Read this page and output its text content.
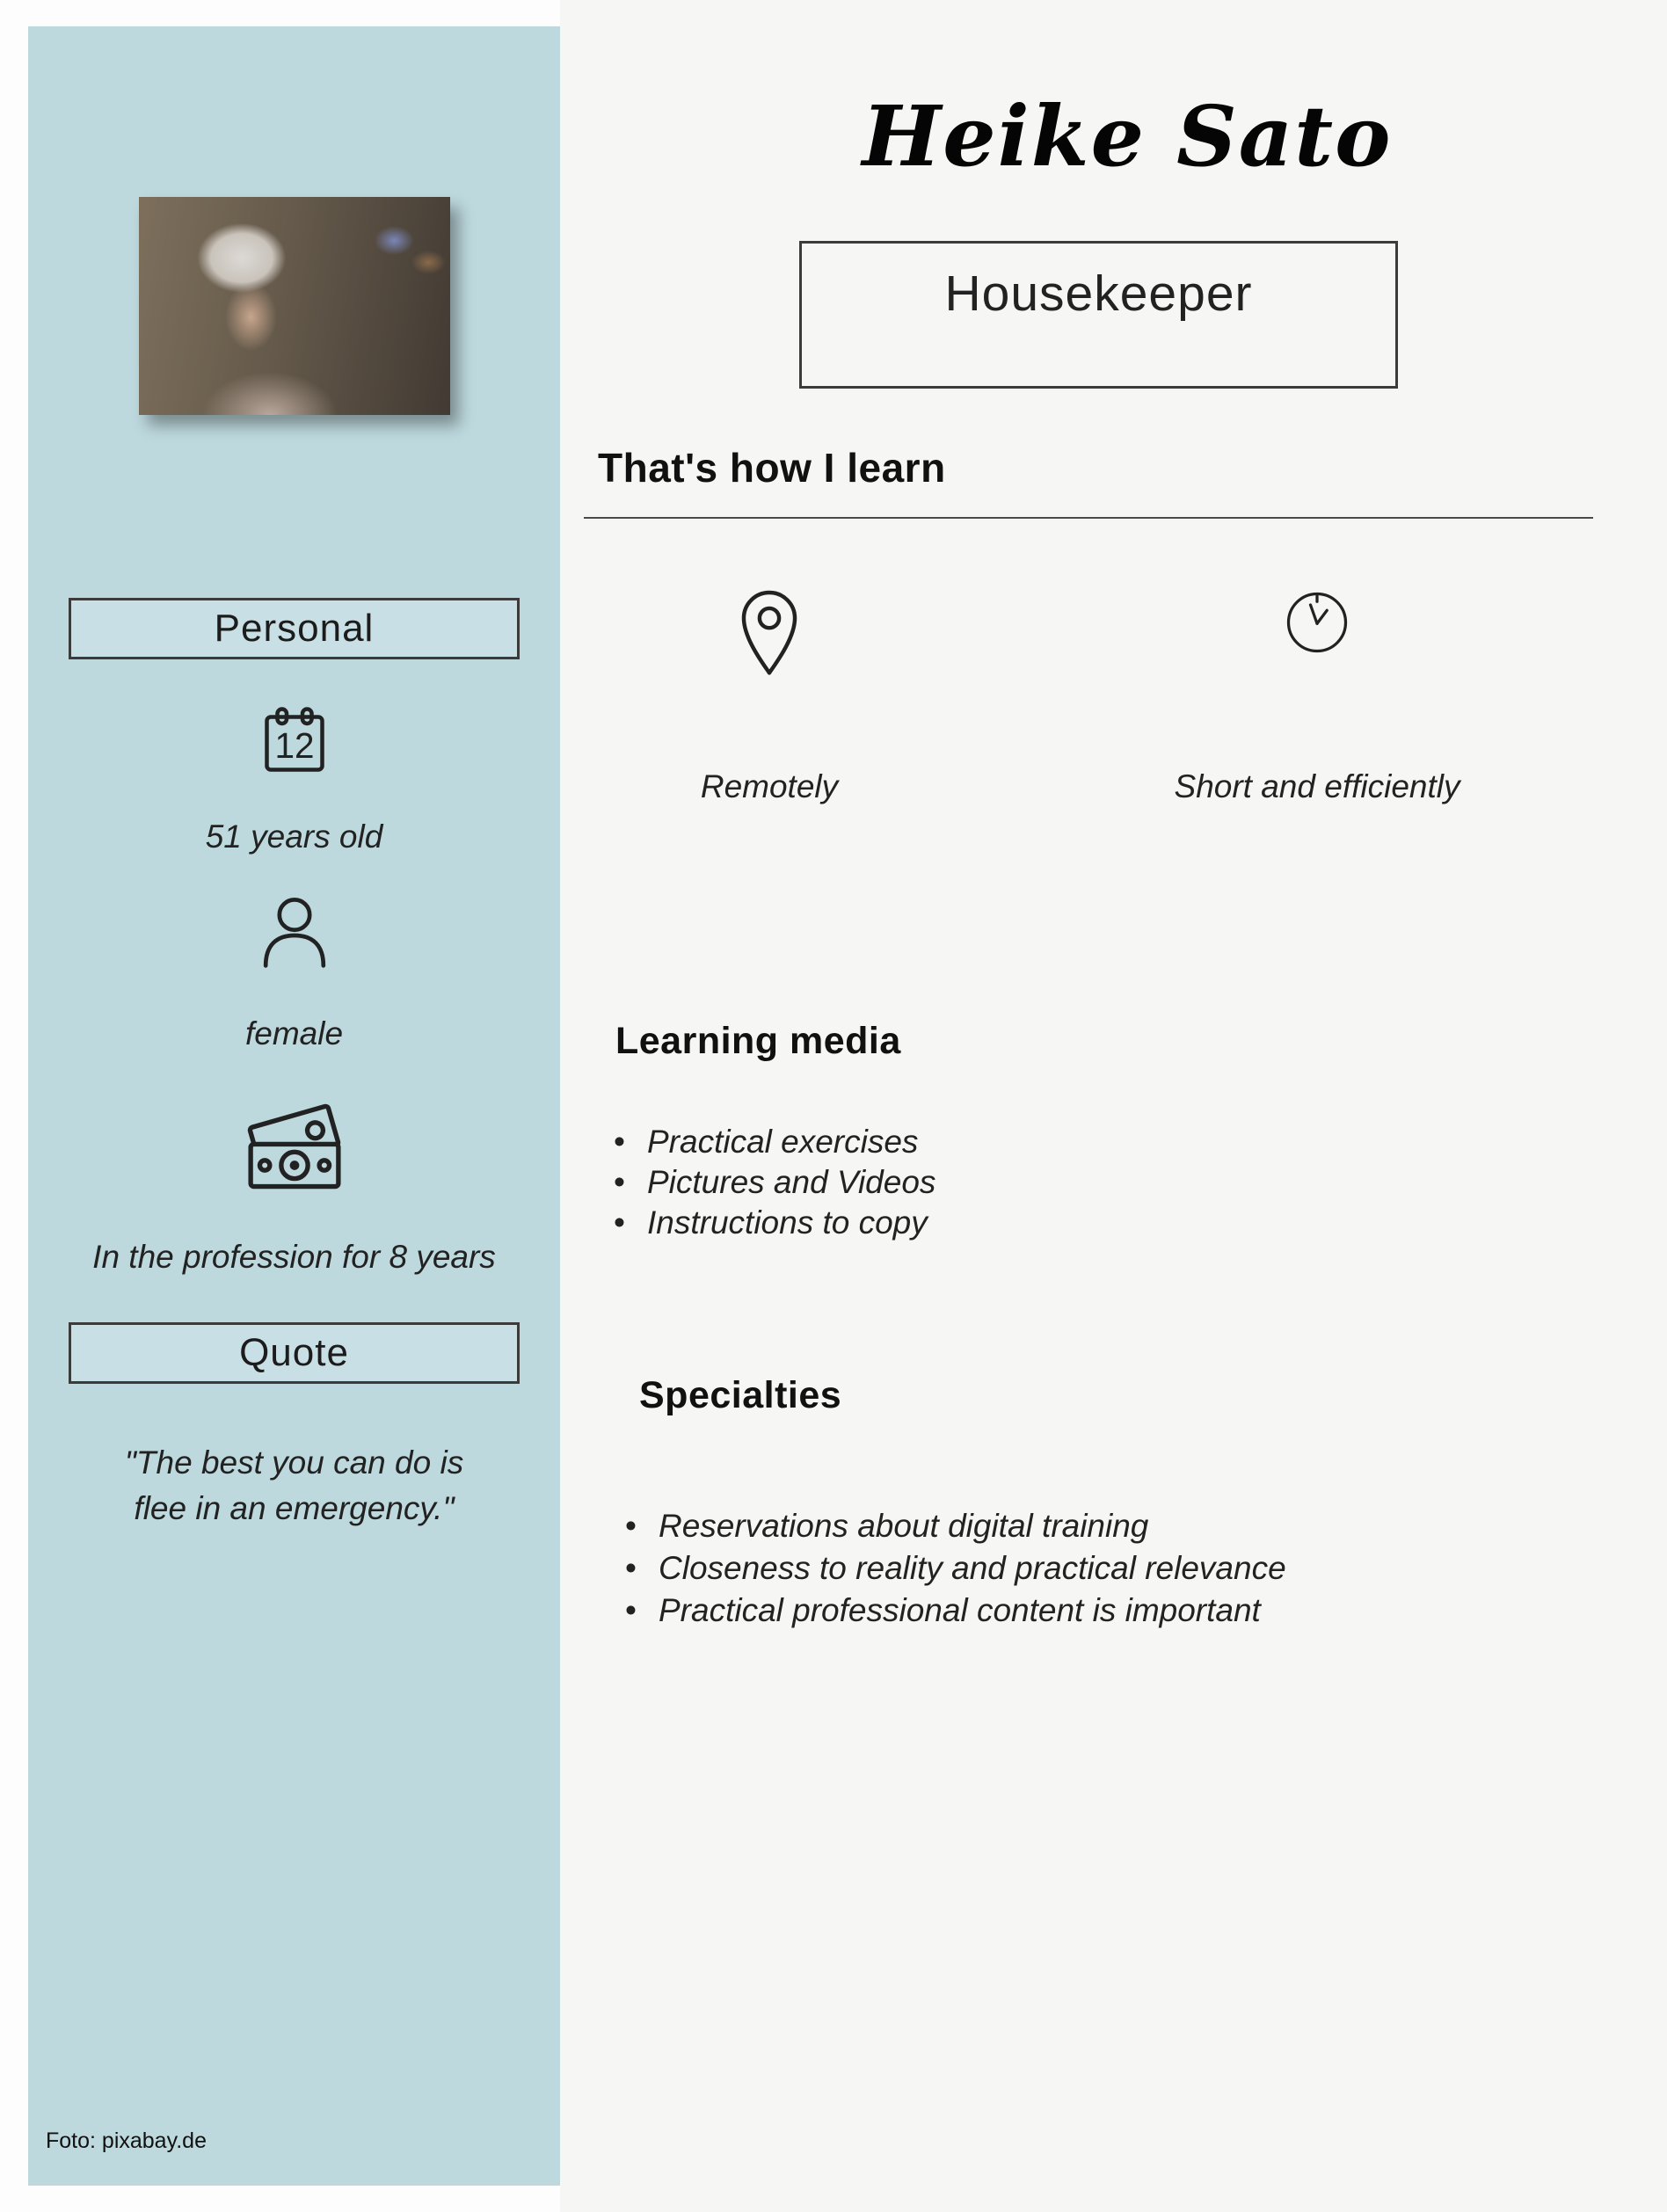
Personal
12
51 years old
female
In the profession for 8 years
Quote
"The best you can do is flee in an emergency."
Foto: pixabay.de
Heike Sato
Housekeeper
That's how I learn
Remotely	Short and efficiently
Learning media
• Practical exercises
• Pictures and Videos
• Instructions to copy
Specialties
• Reservations about digital training
• Closeness to reality and practical relevance
• Practical professional content is important
